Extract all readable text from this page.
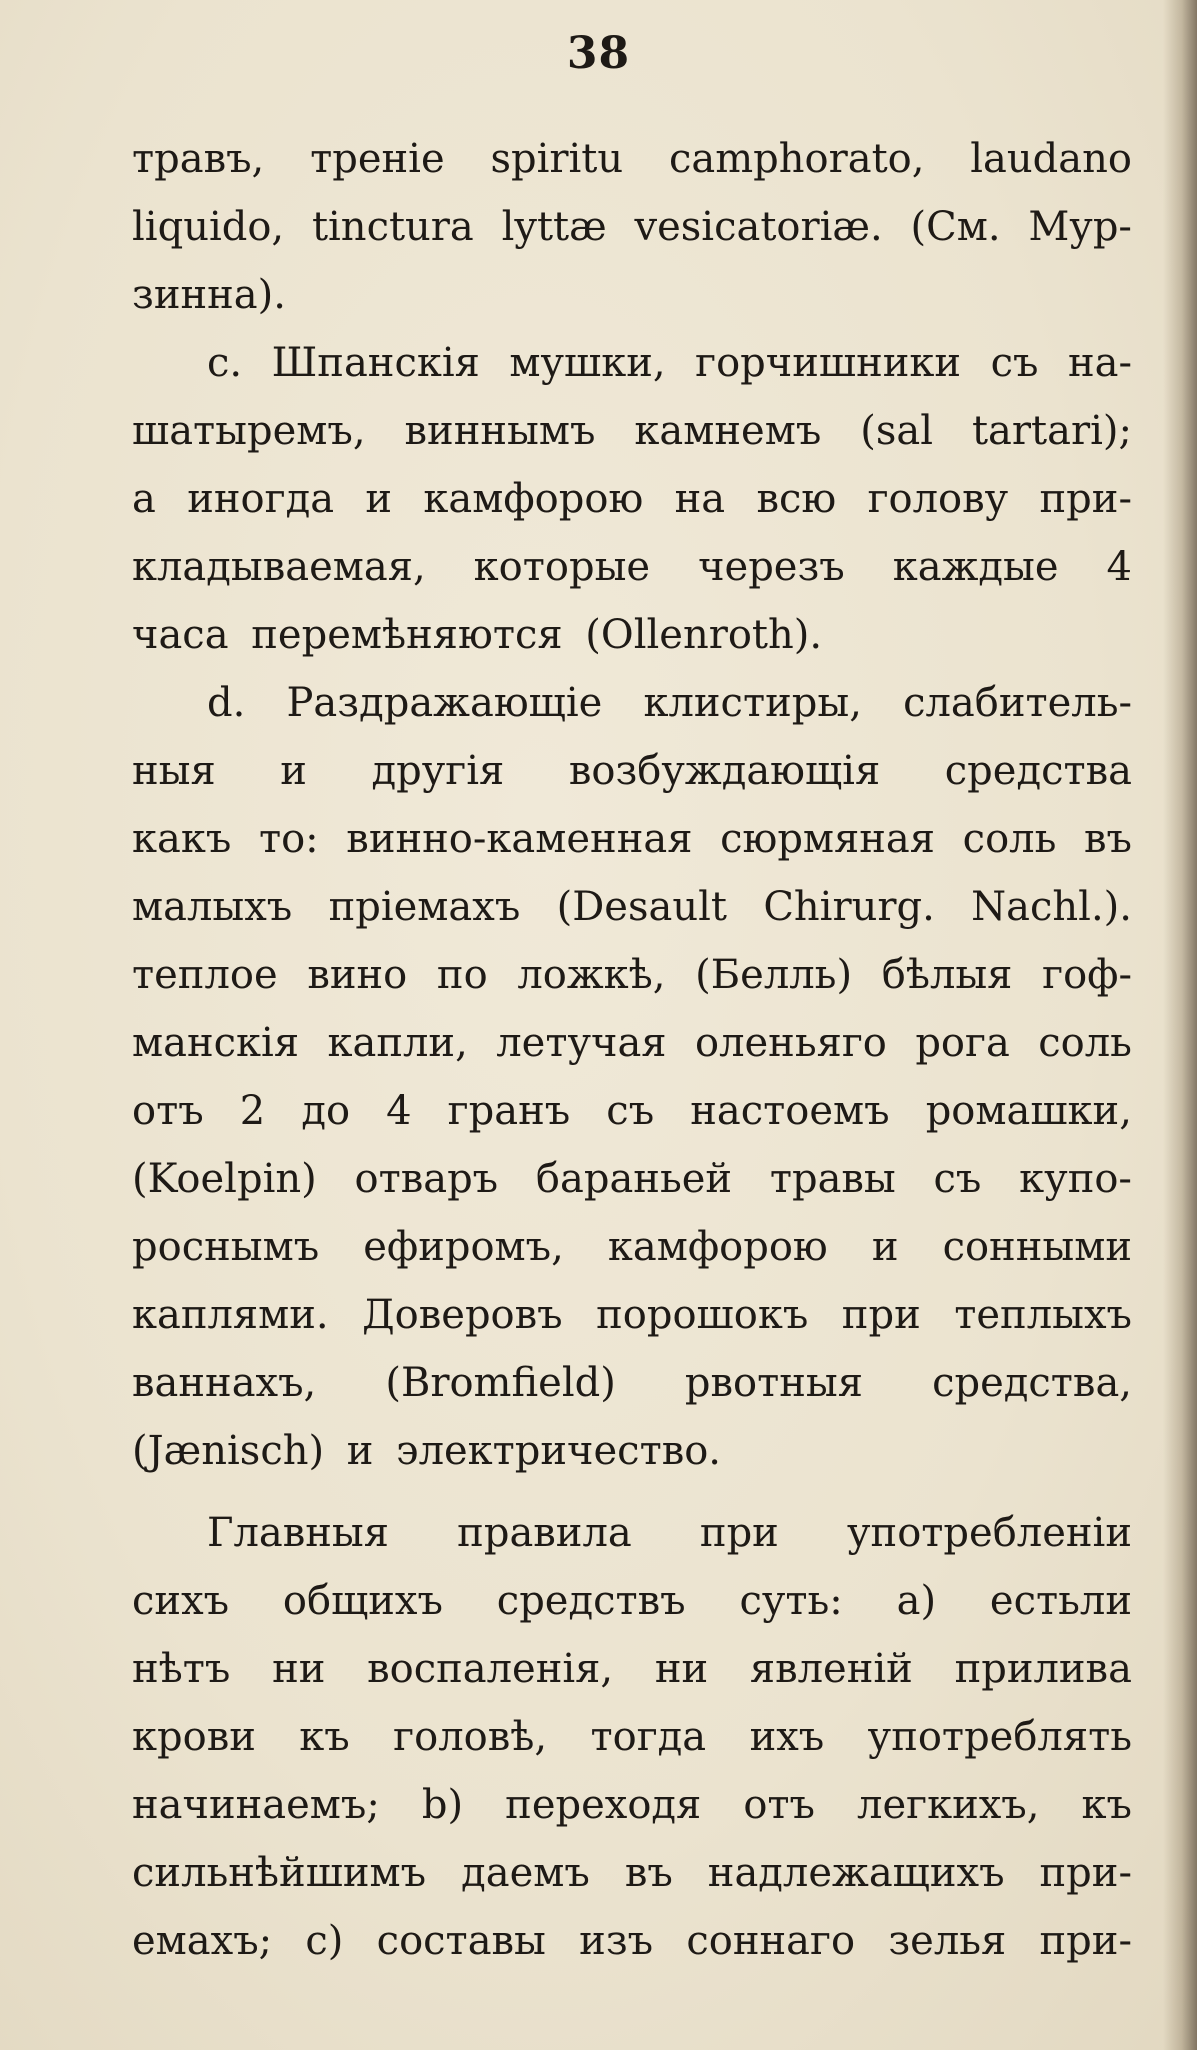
38
травъ, треніе spiritu camphorato, laudano
liquido, tinctura lyttæ vesicatoriæ. (См. Мур-
зинна).
c. Шпанскія мушки, горчишники съ на-
шатыремъ, виннымъ камнемъ (sal tartari);
а иногда и камфорою на всю голову при-
кладываемая, которые черезъ каждые 4
часа перемѣняются (Ollenroth).
d. Раздражающіе клистиры, слабитель-
ныя и другія возбуждающія средства
какъ то: винно-каменная сюрмяная соль въ
малыхъ пріемахъ (Desault Chirurg. Nachl.).
теплое вино по ложкѣ, (Белль) бѣлыя гоф-
манскія капли, летучая оленьяго рога соль
отъ 2 до 4 гранъ съ настоемъ ромашки,
(Koelpin) отваръ бараньей травы съ купо-
роснымъ ефиромъ, камфорою и сонными
каплями. Доверовъ порошокъ при теплыхъ
ваннахъ, (Bromfield) рвотныя средства,
(Jænisch) и электричество.
Главныя правила при употребленіи
сихъ общихъ средствъ суть: a) естьли
нѣтъ ни воспаленія, ни явленій прилива
крови къ головѣ, тогда ихъ употреблять
начинаемъ; b) переходя отъ легкихъ, къ
сильнѣйшимъ даемъ въ надлежащихъ при-
емахъ; c) составы изъ соннаго зелья при-
